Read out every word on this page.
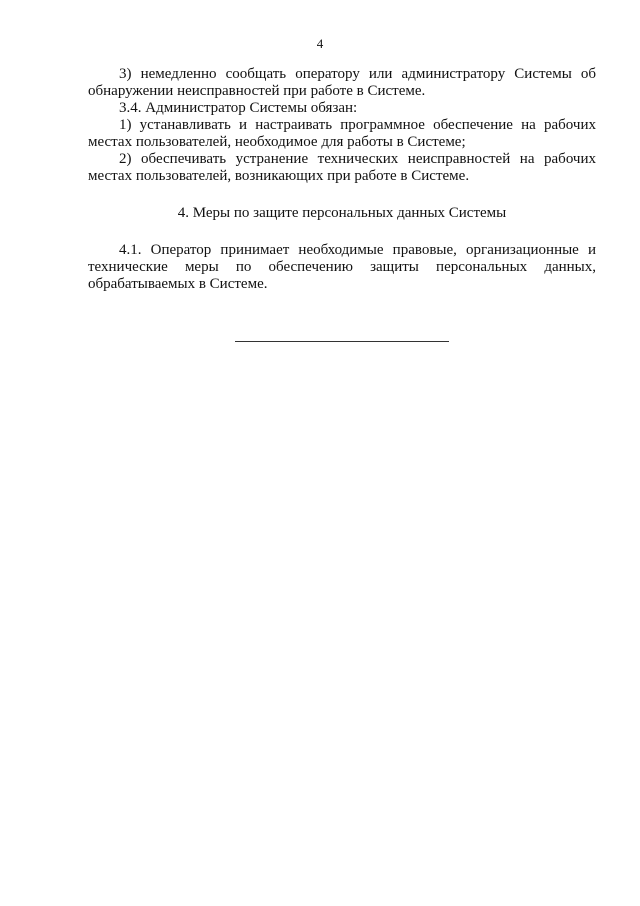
4

3) немедленно сообщать оператору или администратору Системы об обнаружении неисправностей при работе в Системе.

3.4. Администратор Системы обязан:

1) устанавливать и настраивать программное обеспечение на рабочих местах пользователей, необходимое для работы в Системе;

2) обеспечивать устранение технических неисправностей на рабочих местах пользователей, возникающих при работе в Системе.

4. Меры по защите персональных данных Системы

4.1. Оператор принимает необходимые правовые, организационные и технические меры по обеспечению защиты персональных данных, обрабатываемых в Системе.
